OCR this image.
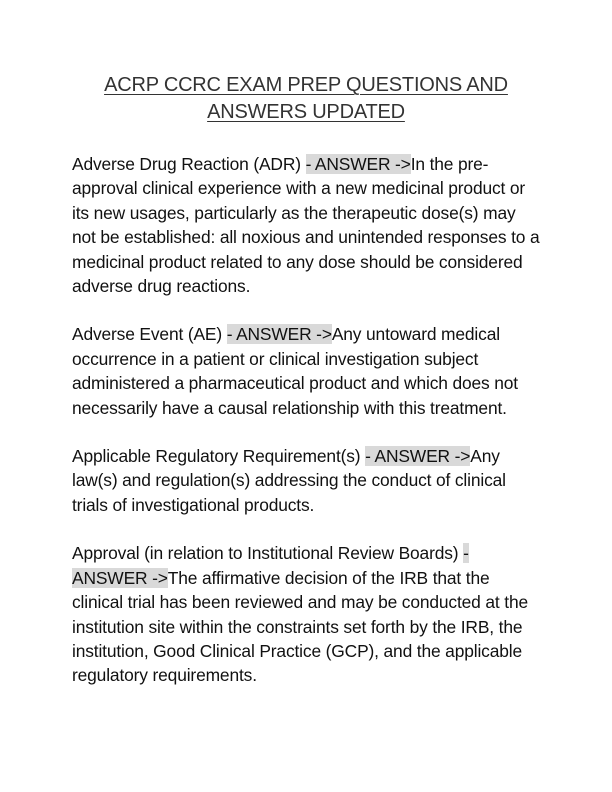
ACRP CCRC EXAM PREP QUESTIONS AND ANSWERS UPDATED

Adverse Drug Reaction (ADR) - ANSWER ->In the pre-approval clinical experience with a new medicinal product or its new usages, particularly as the therapeutic dose(s) may not be established: all noxious and unintended responses to a medicinal product related to any dose should be considered adverse drug reactions.

Adverse Event (AE) - ANSWER ->Any untoward medical occurrence in a patient or clinical investigation subject administered a pharmaceutical product and which does not necessarily have a causal relationship with this treatment.

Applicable Regulatory Requirement(s) - ANSWER ->Any law(s) and regulation(s) addressing the conduct of clinical trials of investigational products.

Approval (in relation to Institutional Review Boards) - ANSWER ->The affirmative decision of the IRB that the clinical trial has been reviewed and may be conducted at the institution site within the constraints set forth by the IRB, the institution, Good Clinical Practice (GCP), and the applicable regulatory requirements.
